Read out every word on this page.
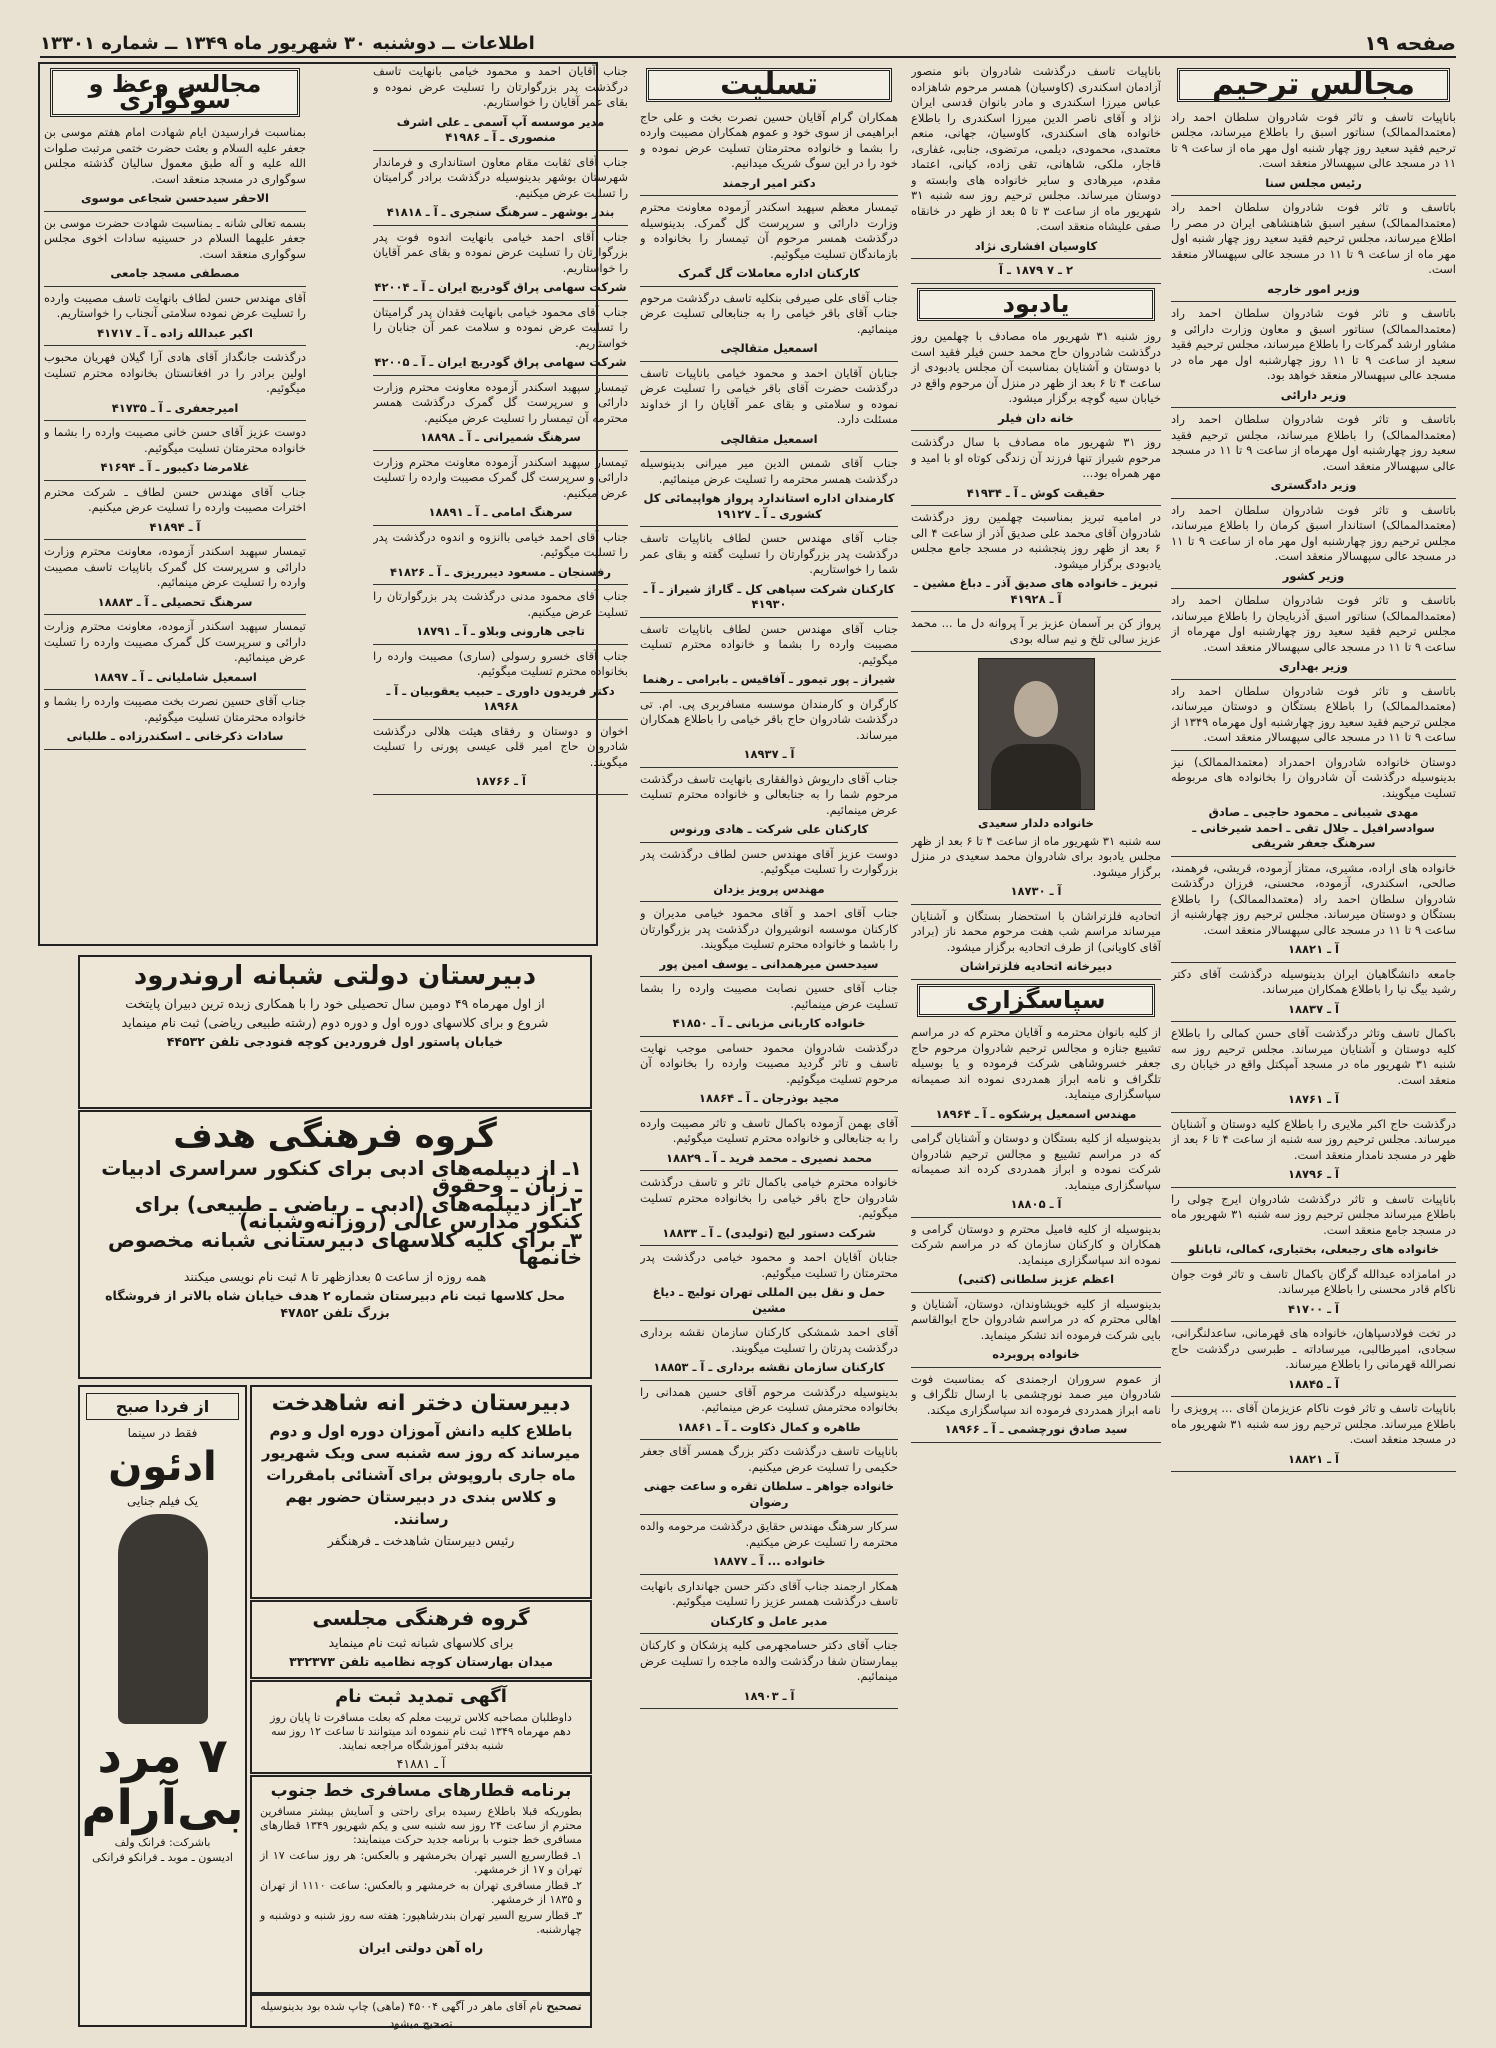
صفحه ۱۹
اطلاعات ــ دوشنبه ۳۰ شهریور ماه ۱۳۴۹ ــ شماره ۱۳۳۰۱
مجالس ترحیم

باناپیات تاسف و تاثر فوت شادروان سلطان احمد راد (معتمدالممالک) سناتور اسبق را باطلاع میرساند، مجلس ترحیم فقید سعید روز چهار شنبه اول مهر ماه از ساعت ۹ تا ۱۱ در مسجد عالی سپهسالار منعقد است.

رئیس مجلس سنا

باتاسف و تاثر فوت شادروان سلطان احمد راد (معتمدالممالک) سفیر اسبق شاهنشاهی ایران در مصر را اطلاع میرساند، مجلس ترحیم فقید سعید روز چهار شنبه اول مهر ماه از ساعت ۹ تا ۱۱ در مسجد عالی سپهسالار منعقد است.

وزیر امور خارجه

باتاسف و تاثر فوت شادروان سلطان احمد راد (معتمدالممالک) سناتور اسبق و معاون وزارت دارائی و مشاور ارشد گمرکات را باطلاع میرساند، مجلس ترحیم فقید سعید از ساعت ۹ تا ۱۱ روز چهارشنبه اول مهر ماه در مسجد عالی سپهسالار منعقد خواهد بود.

وزیر دارائی

باتاسف و تاثر فوت شادروان سلطان احمد راد (معتمدالممالک) را باطلاع میرساند، مجلس ترحیم فقید سعید روز چهارشنبه اول مهرماه از ساعت ۹ تا ۱۱ در مسجد عالی سپهسالار منعقد است.

وزیر دادگستری

باتاسف و تاثر فوت شادروان سلطان احمد راد (معتمدالممالک) استاندار اسبق کرمان را باطلاع میرساند، مجلس ترحیم روز چهارشنبه اول مهر ماه از ساعت ۹ تا ۱۱ در مسجد عالی سپهسالار منعقد است.

وزیر کشور

باتاسف و تاثر فوت شادروان سلطان احمد راد (معتمدالممالک) سناتور اسبق آذربایجان را باطلاع میرساند، مجلس ترحیم فقید سعید روز چهارشنبه اول مهرماه از ساعت ۹ تا ۱۱ در مسجد عالی سپهسالار منعقد است.

وزیر بهداری

باتاسف و تاثر فوت شادروان سلطان احمد راد (معتمدالممالک) را باطلاع بستگان و دوستان میرساند، مجلس ترحیم فقید سعید روز چهارشنبه اول مهرماه ۱۳۴۹ از ساعت ۹ تا ۱۱ در مسجد عالی سپهسالار منعقد است.

دوستان خانواده شادروان احمدراد (معتمدالممالک) نیز بدینوسیله درگذشت آن شادروان را بخانواده های مربوطه تسلیت میگویند.

مهدی شیبانی ـ محمود حاجبی ـ صادق سوادسرافیل ـ جلال تقی ـ احمد شیرخانی ـ سرهنگ جعفر شریفی

خانواده های اراده، مشیری، ممتاز آزموده، قریشی، فرهمند، صالحی، اسکندری، آزموده، محسنی، فرزان درگذشت شادروان سلطان احمد راد (معتمدالممالک) را باطلاع بستگان و دوستان میرساند. مجلس ترحیم روز چهارشنبه از ساعت ۹ تا ۱۱ در مسجد عالی سپهسالار منعقد است.

آ ـ ۱۸۸۲۱

جامعه دانشگاهیان ایران بدینوسیله درگذشت آقای دکتر رشید بیگ نیا را باطلاع همکاران میرساند.

آ ـ ۱۸۸۳۷

باکمال تاسف وتاثر درگذشت آقای حسن کمالی را باطلاع کلیه دوستان و آشنایان میرساند. مجلس ترحیم روز سه شنبه ۳۱ شهریور ماه در مسجد آمپکتل واقع در خیابان ری منعقد است.

آ ـ ۱۸۷۶۱

درگذشت حاج اکبر ملایری را باطلاع کلیه دوستان و آشنایان میرساند. مجلس ترحیم روز سه شنبه از ساعت ۴ تا ۶ بعد از ظهر در مسجد نامدار منعقد است.

آ ـ ۱۸۷۹۶

باناپیات تاسف و تاثر درگذشت شادروان ایرج چولی را باطلاع میرساند مجلس ترحیم روز سه شنبه ۳۱ شهریور ماه در مسجد جامع منعقد است.

خانواده های رجبعلی، بختیاری، کمالی، تابانلو

در امامزاده عبدالله گرگان باکمال تاسف و تاثر فوت جوان ناکام قادر محسنی را باطلاع میرساند.

آ ـ ۴۱۷۰۰

در تخت فولادسپاهان، خانواده های قهرمانی، ساعدلنگرانی، سجادی، امیرطالبی، میرساداته ـ طبرسی درگذشت حاج نصرالله قهرمانی را باطلاع میرساند.

آ ـ ۱۸۸۴۵

باناپیات تاسف و تاثر فوت ناکام عزیزمان آقای ... پرویزی را باطلاع میرساند. مجلس ترحیم روز سه شنبه ۳۱ شهریور ماه در مسجد منعقد است.

آ ـ ۱۸۸۲۱

باناپیات تاسف درگذشت شادروان بانو منصور آزادمان اسکندری (کاوسیان) همسر مرحوم شاهزاده عباس میرزا اسکندری و مادر بانوان قدسی ایران نژاد و آقای ناصر الدین میرزا اسکندری را باطلاع خانواده های اسکندری، کاوسیان، جهانی، منعم معتمدی، محمودی، دیلمی، مرتضوی، جنابی، غفاری، قاجار، ملکی، شاهانی، تقی زاده، کیانی، اعتماد مقدم، میرهادی و سایر خانواده های وابسته و دوستان میرساند. مجلس ترحیم روز سه شنبه ۳۱ شهریور ماه از ساعت ۳ تا ۵ بعد از ظهر در خانقاه صفی علیشاه منعقد است.

کاوسیان افشاری نژاد
۲ ـ ۷ ۱۸۷۹ ـ آ
یادبود

روز شنبه ۳۱ شهریور ماه مصادف با چهلمین روز درگذشت شادروان حاج محمد حسن فیلر فقید است با دوستان و آشنایان بمناسبت آن مجلس یادبودی از ساعت ۴ تا ۶ بعد از ظهر در منزل آن مرحوم واقع در خیابان سیه گوچه برگزار میشود.

خانه دان فیلر

روز ۳۱ شهریور ماه مصادف با سال درگذشت مرحوم شیراز تنها فرزند آن زندگی کوتاه او با امید و مهر همراه بود...

حقیقت کوش ـ آ ـ ۴۱۹۳۴

در امامیه تبریز بمناسبت چهلمین روز درگذشت شادروان آقای محمد علی صدیق آذر از ساعت ۴ الی ۶ بعد از ظهر روز پنجشنبه در مسجد جامع مجلس یادبودی برگزار میشود.

تبریز ـ خانواده های صدیق آذر ـ دباغ مشین ـ آ ـ ۴۱۹۲۸

پرواز کن بر آسمان عزیز بر آ پروانه دل ما ... محمد عزیز سالی تلخ و نیم ساله بودی

خانواده دلدار سعیدی

سه شنبه ۳۱ شهریور ماه از ساعت ۴ تا ۶ بعد از ظهر مجلس یادبود برای شادروان محمد سعیدی در منزل برگزار میشود.

آ ـ ۱۸۷۳۰

اتحادیه فلزتراشان با استحضار بستگان و آشنایان میرساند مراسم شب هفت مرحوم محمد ناز (برادر آقای کاویانی) از طرف اتحادیه برگزار میشود.

دبیرخانه اتحادیه فلزتراشان
سپاسگزاری

از کلیه بانوان محترمه و آقایان محترم که در مراسم تشییع جنازه و مجالس ترحیم شادروان مرحوم حاج جعفر خسروشاهی شرکت فرموده و یا بوسیله تلگراف و نامه ابراز همدردی نموده اند صمیمانه سپاسگزاری مینماید.

مهندس اسمعیل پرشکوه ـ آ ـ ۱۸۹۶۴

بدینوسیله از کلیه بستگان و دوستان و آشنایان گرامی که در مراسم تشییع و مجالس ترحیم شادروان شرکت نموده و ابراز همدردی کرده اند صمیمانه سپاسگزاری مینماید.

آ ـ ۱۸۸۰۵

بدینوسیله از کلیه فامیل محترم و دوستان گرامی و همکاران و کارکنان سازمان که در مراسم شرکت نموده اند سپاسگزاری مینماید.

اعظم عزیز سلطانی (کتبی)

بدینوسیله از کلیه خویشاوندان، دوستان، آشنایان و اهالی محترم که در مراسم شادروان حاج ابوالقاسم بایی شرکت فرموده اند تشکر مینماید.

خانواده پروبرده

از عموم سروران ارجمندی که بمناسبت فوت شادروان میر صمد نورچشمی با ارسال تلگراف و نامه ابراز همدردی فرموده اند سپاسگزاری میکند.

سید صادق نورچشمی ـ آ ـ ۱۸۹۶۶
تسلیت

همکاران گرام آقایان حسین نصرت بخت و علی حاج ابراهیمی از سوی خود و عموم همکاران مصیبت وارده را بشما و خانواده محترمتان تسلیت عرض نموده و خود را در این سوگ شریک میدانیم.

دکتر امیر ارجمند

تیمسار معظم سپهبد اسکندر آزموده معاونت محترم وزارت دارائی و سرپرست گل گمرک. بدینوسیله درگذشت همسر مرحوم آن تیمسار را بخانواده و بازماندگان تسلیت میگوئیم.

کارکنان اداره معاملات گل گمرک

جناب آقای علی صیرفی بنکلیه تاسف درگذشت مرحوم جناب آقای باقر خیامی را به جنابعالی تسلیت عرض مینمائیم.

اسمعیل متقالچی

جنابان آقایان احمد و محمود خیامی باناپیات تاسف درگذشت حضرت آقای باقر خیامی را تسلیت عرض نموده و سلامتی و بقای عمر آقایان را از خداوند مسئلت دارد.

اسمعیل متقالچی

جناب آقای شمس الدین میر میرانی بدینوسیله درگذشت همسر محترمه را تسلیت عرض مینمائیم.

کارمندان اداره استاندارد پرواز هواپیمائی کل کشوری ـ آ ـ ۱۹۱۲۷

جناب آقای مهندس حسن لطاف باناپیات تاسف درگذشت پدر بزرگوارتان را تسلیت گفته و بقای عمر شما را خواستاریم.

کارکنان شرکت سپاهی کل ـ گاراژ شیراز ـ آ ـ ۴۱۹۳۰

جناب آقای مهندس حسن لطاف باناپیات تاسف مصیبت وارده را بشما و خانواده محترم تسلیت میگوئیم.

شیراز ـ پور تیمور ـ آفاقیس ـ بابرامی ـ رهنما

کارگران و کارمندان موسسه مسافربری پی. ام. تی درگذشت شادروان حاج باقر خیامی را باطلاع همکاران میرساند.

آ ـ ۱۸۹۳۷

جناب آقای داریوش ذوالفقاری بانهایت تاسف درگذشت مرحوم شما را به جنابعالی و خانواده محترم تسلیت عرض مینمائیم.

کارکنان علی شرکت ـ هادی ورنوس

دوست عزیز آقای مهندس حسن لطاف درگذشت پدر بزرگوارت را تسلیت میگوئیم.

مهندس پرویز یزدان

جناب آقای احمد و آقای محمود خیامی مدیران و کارکنان موسسه انوشیروان درگذشت پدر بزرگوارتان را باشما و خانواده محترم تسلیت میگویند.

سیدحسن میرهمدانی ـ یوسف امین پور

جناب آقای حسین نصابت مصیبت وارده را بشما تسلیت عرض مینمائیم.

خانواده کاربانی مزبانی ـ آ ـ ۴۱۸۵۰

درگذشت شادروان محمود حسامی موجب نهایت تاسف و تاثر گردید مصیبت وارده را بخانواده آن مرحوم تسلیت میگوئیم.

مجید بوذرجان ـ آ ـ ۱۸۸۶۴

آقای بهمن آزموده باکمال تاسف و تاثر مصیبت وارده را به جنابعالی و خانواده محترم تسلیت میگوئیم.

محمد نصیری ـ محمد فرید ـ آ ـ ۱۸۸۲۹

خانواده محترم خیامی باکمال تاثر و تاسف درگذشت شادروان حاج باقر خیامی را بخانواده محترم تسلیت میگوئیم.

شرکت دستور لیچ (تولیدی) ـ آ ـ ۱۸۸۳۳

جنابان آقایان احمد و محمود خیامی درگذشت پدر محترمتان را تسلیت میگوئیم.

حمل و نقل بین المللی تهران تولیچ ـ دیاغ مشین

آقای احمد شمشکی کارکنان سازمان نقشه برداری درگذشت پدرتان را تسلیت میگویند.

کارکنان سازمان نقشه برداری ـ آ ـ ۱۸۸۵۳

بدینوسیله درگذشت مرحوم آقای حسین همدانی را بخانواده محترمش تسلیت عرض مینمائیم.

طاهره و کمال ذکاوت ـ آ ـ ۱۸۸۶۱

باناپیات تاسف درگذشت دکتر بزرگ همسر آقای جعفر حکیمی را تسلیت عرض میکنیم.

خانواده جواهر ـ سلطان تقره و ساعت جهنی رضوان

سرکار سرهنگ مهندس حقایق درگذشت مرحومه والده محترمه را تسلیت عرض میکنیم.

خانواده ... آ ـ ۱۸۸۷۷

همکار ارجمند جناب آقای دکتر حسن جهانداری بانهایت تاسف درگذشت همسر عزیز را تسلیت میگوئیم.

مدیر عامل و کارکنان

جناب آقای دکتر حسامجهرمی کلیه پزشکان و کارکنان بیمارستان شفا درگذشت والده ماجده را تسلیت عرض مینمائیم.

آ ـ ۱۸۹۰۳

جناب آقایان احمد و محمود خیامی بانهایت تاسف درگذشت پدر بزرگوارتان را تسلیت عرض نموده و بقای عمر آقایان را خواستاریم.

مدیر موسسه آپ آسمی ـ علی اشرف منصوری ـ آ ـ ۴۱۹۸۶

جناب آقای ثقابت مقام معاون استانداری و فرماندار شهرستان بوشهر بدینوسیله درگذشت برادر گرامیتان را تسلیت عرض میکنیم.

بندر بوشهر ـ سرهنگ سنجری ـ آ ـ ۴۱۸۱۸

جناب آقای احمد خیامی بانهایت اندوه فوت پدر بزرگوارتان را تسلیت عرض نموده و بقای عمر آقایان را خواستاریم.

شرکت سهامی پراق گودریچ ایران ـ آ ـ ۴۲۰۰۴

جناب آقای محمود خیامی بانهایت فقدان پدر گرامیتان را تسلیت عرض نموده و سلامت عمر آن جنابان را خواستاریم.

شرکت سهامی پراق گودریچ ایران ـ آ ـ ۴۲۰۰۵

تیمسار سپهبد اسکندر آزموده معاونت محترم وزارت دارائی و سرپرست گل گمرک درگذشت همسر محترمه آن تیمسار را تسلیت عرض میکنیم.

سرهنگ شمیرانی ـ آ ـ ۱۸۸۹۸

تیمسار سپهبد اسکندر آزموده معاونت محترم وزارت دارائی و سرپرست گل گمرک مصیبت وارده را تسلیت عرض میکنیم.

سرهنگ امامی ـ آ ـ ۱۸۸۹۱

جناب آقای احمد خیامی باانزوه و اندوه درگذشت پدر را تسلیت میگوئیم.

رفسنجان ـ مسعود دیبرریزی ـ آ ـ ۴۱۸۲۶

جناب آقای محمود مدنی درگذشت پدر بزرگوارتان را تسلیت عرض میکنیم.

تاجی هارونی وبلاو ـ آ ـ ۱۸۷۹۱

جناب آقای خسرو رسولی (ساری) مصیبت وارده را بخانواده محترم تسلیت میگوئیم.

دکتر فریدون داوری ـ حبیب یعقوبیان ـ آ ـ ۱۸۹۶۸

اخوان و دوستان و رفقای هیئت هلالی درگذشت شادروان حاج امیر قلی عیسی پورنی را تسلیت میگویند.

آ ـ ۱۸۷۶۶
مجالس وعظ و سوگواری

بمناسبت فرارسیدن ایام شهادت امام هفتم موسی بن جعفر علیه السلام و بعثت حضرت ختمی مرتبت صلوات الله علیه و آله طبق معمول سالیان گذشته مجلس سوگواری در مسجد منعقد است.

الاحقر سیدحسن شجاعی موسوی

بسمه تعالی شانه ـ بمناسبت شهادت حضرت موسی بن جعفر علیهما السلام در حسینیه سادات اخوی مجلس سوگواری منعقد است.

مصطفی مسجد جامعی

آقای مهندس حسن لطاف بانهایت تاسف مصیبت وارده را تسلیت عرض نموده سلامتی آنجناب را خواستاریم.

اکبر عبدالله زاده ـ آ ـ ۴۱۷۱۷

درگذشت جانگداز آقای هادی آرا گیلان فهریان محبوب اولین برادر را در افغانستان بخانواده محترم تسلیت میگوئیم.

امیرجعفری ـ آ ـ ۴۱۷۳۵

دوست عزیز آقای حسن خانی مصیبت وارده را بشما و خانواده محترمتان تسلیت میگوئیم.

غلامرضا دکیبور ـ آ ـ ۴۱۶۹۴

جناب آقای مهندس حسن لطاف ـ شرکت محترم اخترات مصیبت وارده را تسلیت عرض میکنیم.

آ ـ ۴۱۸۹۴

تیمسار سپهبد اسکندر آزموده، معاونت محترم وزارت دارائی و سرپرست کل گمرک باناپیات تاسف مصیبت وارده را تسلیت عرض مینمائیم.

سرهنگ تحصیلی ـ آ ـ ۱۸۸۸۳

تیمسار سپهبد اسکندر آزموده، معاونت محترم وزارت دارائی و سرپرست کل گمرک مصیبت وارده را تسلیت عرض مینمائیم.

اسمعیل شاملیانی ـ آ ـ ۱۸۸۹۷

جناب آقای حسین نصرت بخت مصیبت وارده را بشما و خانواده محترمتان تسلیت میگوئیم.

سادات ذکرخانی ـ اسکندرزاده ـ طلبانی
دبیرستان دولتی شبانه اروندرود

از اول مهرماه ۴۹ دومین سال تحصیلی خود را با همکاری زبده ترین دبیران پایتخت

شروع و برای کلاسهای دوره اول و دوره دوم (رشته طبیعی ریاضی) ثبت نام مینماید

خیابان پاستور اول فروردین کوچه فنودجی تلفن ۴۴۵۳۲

گروه فرهنگی هدف

۱ـ از دیپلمه‌های ادبی برای کنکور سراسری ادبیات ـ زبان ـ وحقوق

۲ـ از دیپلمه‌های (ادبی ـ ریاضی ـ طبیعی) برای کنکور مدارس عالی (روزانه‌وشبانه)

۳ـ برای کلیه کلاسهای دبیرستانی شبانه مخصوص خانمها

همه روزه از ساعت ۵ بعدازظهر تا ۸ ثبت نام نویسی میکنند

محل کلاسها ثبت نام دبیرستان شماره ۲ هدف خیابان شاه بالاتر از فروشگاه بزرگ تلفن ۴۷۸۵۲

دبیرستان دختر انه شاهدخت

باطلاع کلیه دانش آموزان دوره اول و دوم میرساند که روز سه شنبه سی ویک شهریور ماه جاری باروپوش برای آشنائی بامقررات و کلاس بندی در دبیرستان حضور بهم رسانند.

رئیس دبیرستان شاهدخت ـ فرهنگفر

گروه فرهنگی مجلسی

برای کلاسهای شبانه ثبت نام مینماید

میدان بهارستان کوچه نظامیه تلفن ۳۳۲۳۷۳

آگهی تمدید ثبت نام

داوطلبان مصاحبه کلاس تربیت معلم که بعلت مسافرت تا پایان روز دهم مهرماه ۱۳۴۹ ثبت نام ننموده اند میتوانند تا ساعت ۱۲ روز سه شنبه بدفتر آموزشگاه مراجعه نمایند.

آ ـ ۴۱۸۸۱

برنامه قطارهای مسافری خط جنوب

بطوریکه قبلا باطلاع رسیده برای راحتی و آسایش بیشتر مسافرین محترم از ساعت ۲۴ روز سه شنبه سی و یکم شهریور ۱۳۴۹ قطارهای مسافری خط جنوب با برنامه جدید حرکت مینمایند:

۱ـ قطارسریع السیر تهران بخرمشهر و بالعکس: هر روز ساعت ۱۷ از تهران و ۱۷ از خرمشهر.

۲ـ قطار مسافری تهران به خرمشهر و بالعکس: ساعت ۱۱۱۰ از تهران و ۱۸۳۵ از خرمشهر.

۳ـ قطار سریع السیر تهران بندرشاهپور: هفته سه روز شنبه و دوشنبه و چهارشنبه.

راه آهن دولتی ایران

تصحیح نام آقای ماهر در آگهی ۴۵۰۰۴ (ماهی) چاپ شده بود بدینوسیله تصحیح میشود

از فردا صبح
فقط در سینما
ادئون
یک فیلم جنایی
۷ مرد بی‌آرام
باشرکت: فرانک ولف
ادیسون ـ مو‌بد ـ فرانکو فرانکی
